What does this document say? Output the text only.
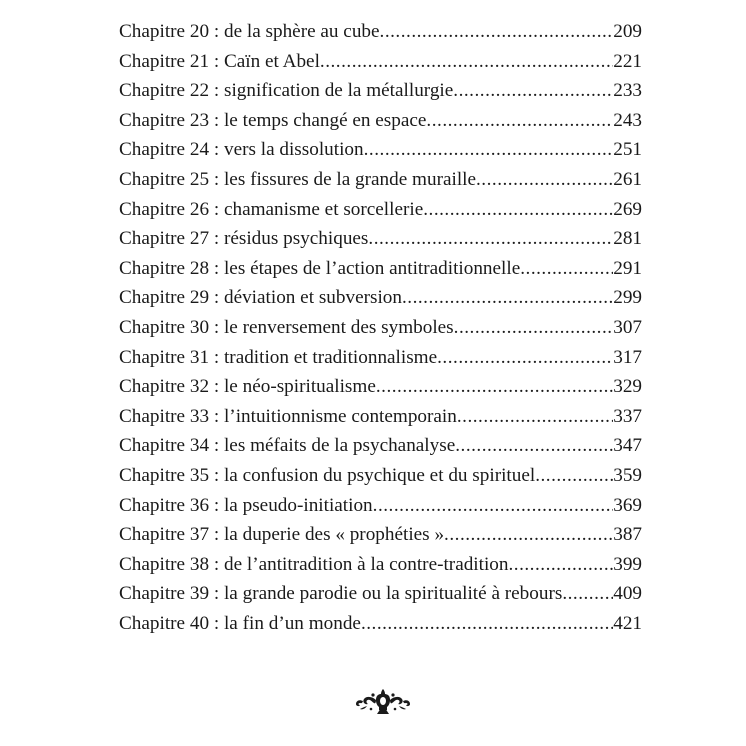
Chapitre 20 : de la sphère au cube .....	209
Chapitre 21 : Caïn et Abel .....	221
Chapitre 22 : signification de la métallurgie .....	233
Chapitre 23 : le temps changé en espace .....	243
Chapitre 24 : vers la dissolution .....	251
Chapitre 25 : les fissures de la grande muraille .....	261
Chapitre 26 : chamanisme et sorcellerie .....	269
Chapitre 27 : résidus psychiques .....	281
Chapitre 28 : les étapes de l’action antitraditionnelle .....	291
Chapitre 29 : déviation et subversion .....	299
Chapitre 30 : le renversement des symboles .....	307
Chapitre 31 : tradition et traditionnalisme .....	317
Chapitre 32 : le néo-spiritualisme .....	329
Chapitre 33 : l’intuitionnisme contemporain .....	337
Chapitre 34 : les méfaits de la psychanalyse .....	347
Chapitre 35 : la confusion du psychique et du spirituel .....	359
Chapitre 36 : la pseudo-initiation .....	369
Chapitre 37 : la duperie des « prophéties » .....	387
Chapitre 38 : de l’antitradition à la contre-tradition .....	399
Chapitre 39 : la grande parodie ou la spiritualité à rebours .....	409
Chapitre 40 : la fin d’un monde .....	421
